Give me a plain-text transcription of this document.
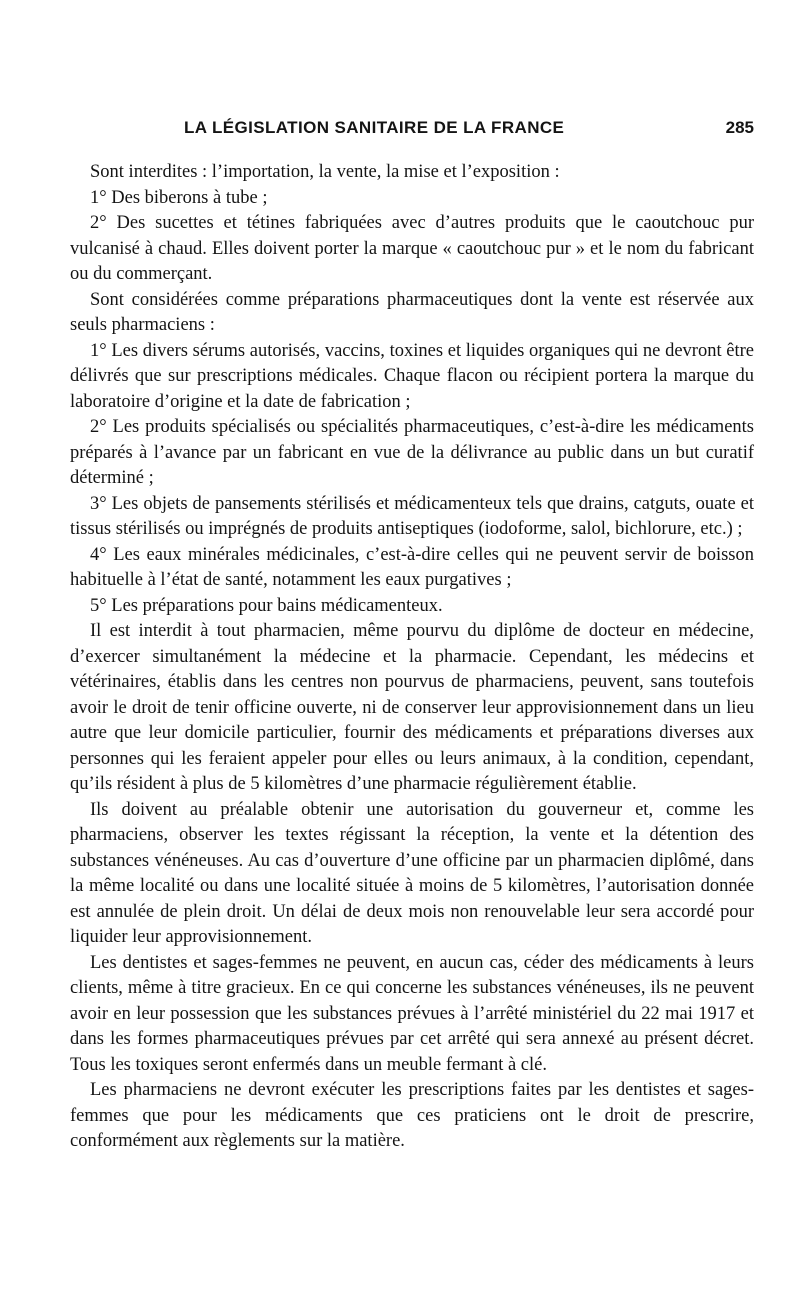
LA LÉGISLATION SANITAIRE DE LA FRANCE	285

Sont interdites : l’importation, la vente, la mise et l’exposition :

1° Des biberons à tube ;

2° Des sucettes et tétines fabriquées avec d’autres produits que le caoutchouc pur vulcanisé à chaud. Elles doivent porter la marque « caoutchouc pur » et le nom du fabricant ou du commerçant.

Sont considérées comme préparations pharmaceutiques dont la vente est réservée aux seuls pharmaciens :

1° Les divers sérums autorisés, vaccins, toxines et liquides organiques qui ne devront être délivrés que sur prescriptions médicales. Chaque flacon ou récipient portera la marque du laboratoire d’origine et la date de fabrication ;

2° Les produits spécialisés ou spécialités pharmaceutiques, c’est-à-dire les médicaments préparés à l’avance par un fabricant en vue de la délivrance au public dans un but curatif déterminé ;

3° Les objets de pansements stérilisés et médicamenteux tels que drains, catguts, ouate et tissus stérilisés ou imprégnés de produits antiseptiques (iodoforme, salol, bichlorure, etc.) ;

4° Les eaux minérales médicinales, c’est-à-dire celles qui ne peuvent servir de boisson habituelle à l’état de santé, notamment les eaux purgatives ;

5° Les préparations pour bains médicamenteux.

Il est interdit à tout pharmacien, même pourvu du diplôme de docteur en médecine, d’exercer simultanément la médecine et la pharmacie. Cependant, les médecins et vétérinaires, établis dans les centres non pourvus de pharmaciens, peuvent, sans toutefois avoir le droit de tenir officine ouverte, ni de conserver leur approvisionnement dans un lieu autre que leur domicile particulier, fournir des médicaments et préparations diverses aux personnes qui les feraient appeler pour elles ou leurs animaux, à la condition, cependant, qu’ils résident à plus de 5 kilomètres d’une pharmacie régulièrement établie.

Ils doivent au préalable obtenir une autorisation du gouverneur et, comme les pharmaciens, observer les textes régissant la réception, la vente et la détention des substances vénéneuses. Au cas d’ouverture d’une officine par un pharmacien diplômé, dans la même localité ou dans une localité située à moins de 5 kilomètres, l’autorisation donnée est annulée de plein droit. Un délai de deux mois non renouvelable leur sera accordé pour liquider leur approvisionnement.

Les dentistes et sages-femmes ne peuvent, en aucun cas, céder des médicaments à leurs clients, même à titre gracieux. En ce qui concerne les substances vénéneuses, ils ne peuvent avoir en leur possession que les substances prévues à l’arrêté ministériel du 22 mai 1917 et dans les formes pharmaceutiques prévues par cet arrêté qui sera annexé au présent décret. Tous les toxiques seront enfermés dans un meuble fermant à clé.

Les pharmaciens ne devront exécuter les prescriptions faites par les dentistes et sages-femmes que pour les médicaments que ces praticiens ont le droit de prescrire, conformément aux règlements sur la matière.
